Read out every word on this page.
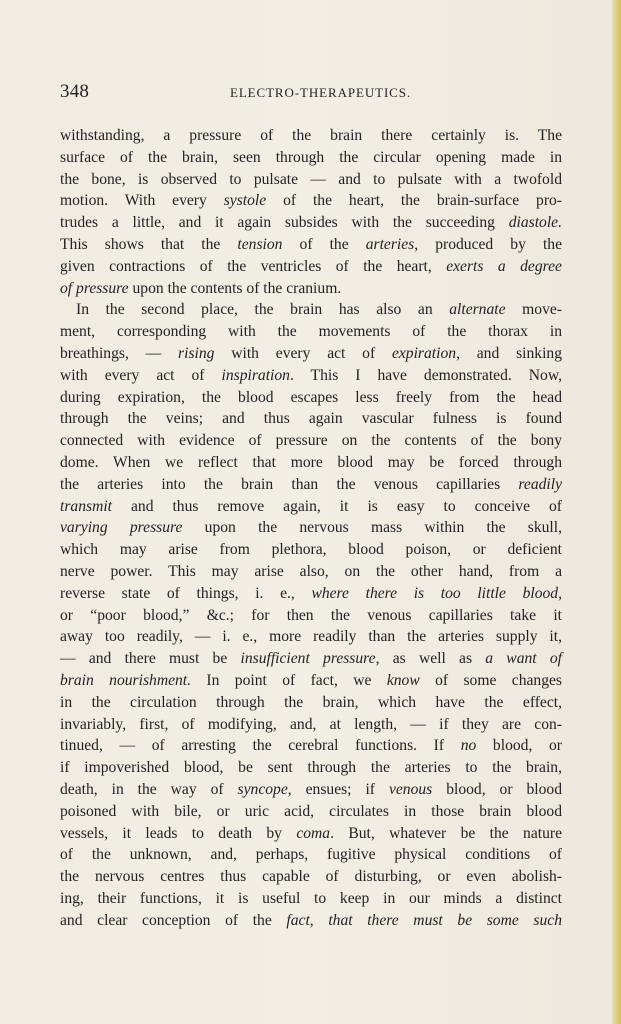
348	ELECTRO-THERAPEUTICS.
withstanding, a pressure of the brain there certainly is. The
surface of the brain, seen through the circular opening made in
the bone, is observed to pulsate — and to pulsate with a twofold
motion. With every systole of the heart, the brain-surface pro-
trudes a little, and it again subsides with the succeeding diastole.
This shows that the tension of the arteries, produced by the
given contractions of the ventricles of the heart, exerts a degree
of pressure upon the contents of the cranium.
In the second place, the brain has also an alternate move-
ment, corresponding with the movements of the thorax in
breathings, — rising with every act of expiration, and sinking
with every act of inspiration. This I have demonstrated. Now,
during expiration, the blood escapes less freely from the head
through the veins; and thus again vascular fulness is found
connected with evidence of pressure on the contents of the bony
dome. When we reflect that more blood may be forced through
the arteries into the brain than the venous capillaries readily
transmit and thus remove again, it is easy to conceive of
varying pressure upon the nervous mass within the skull,
which may arise from plethora, blood poison, or deficient
nerve power. This may arise also, on the other hand, from a
reverse state of things, i. e., where there is too little blood,
or “poor blood,” &c.; for then the venous capillaries take it
away too readily, — i. e., more readily than the arteries supply it,
— and there must be insufficient pressure, as well as a want of
brain nourishment. In point of fact, we know of some changes
in the circulation through the brain, which have the effect,
invariably, first, of modifying, and, at length, — if they are con-
tinued, — of arresting the cerebral functions. If no blood, or
if impoverished blood, be sent through the arteries to the brain,
death, in the way of syncope, ensues; if venous blood, or blood
poisoned with bile, or uric acid, circulates in those brain blood
vessels, it leads to death by coma. But, whatever be the nature
of the unknown, and, perhaps, fugitive physical conditions of
the nervous centres thus capable of disturbing, or even abolish-
ing, their functions, it is useful to keep in our minds a distinct
and clear conception of the fact, that there must be some such
